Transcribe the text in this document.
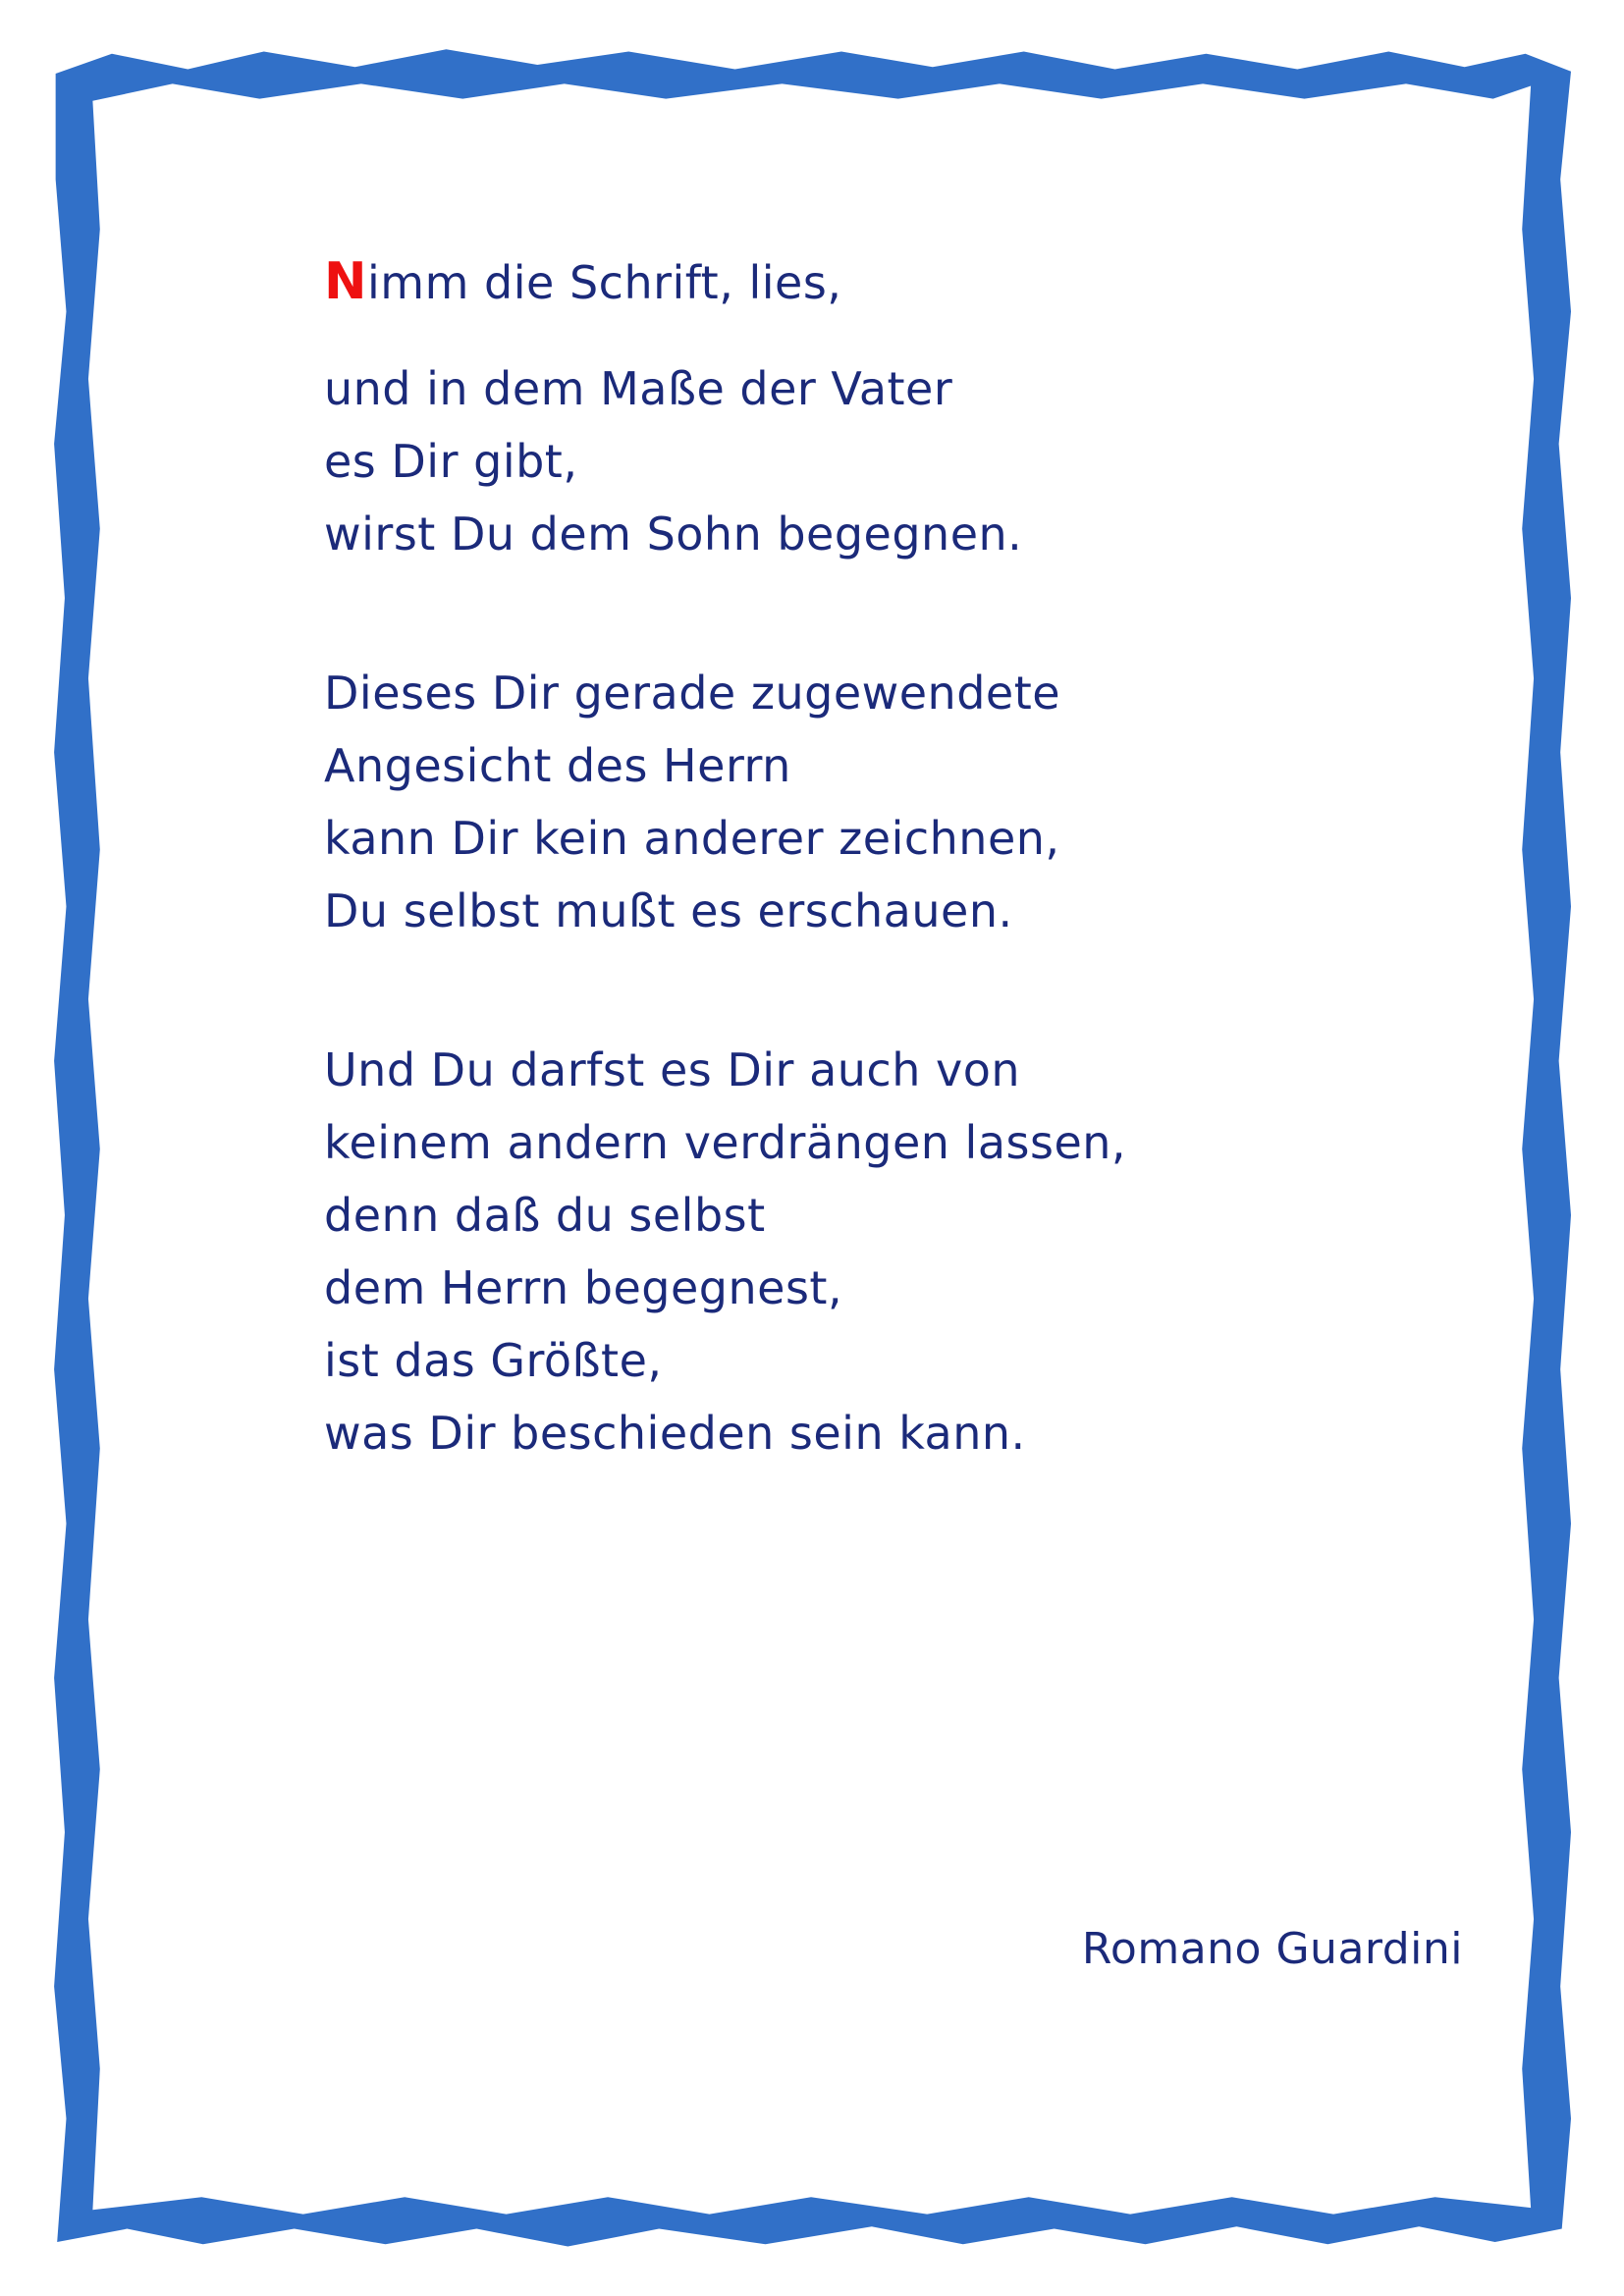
Nimm die Schrift, lies,
und in dem Maße der Vater
es Dir gibt,
wirst Du dem Sohn begegnen.
Dieses Dir gerade zugewendete
Angesicht des Herrn
kann Dir kein anderer zeichnen,
Du selbst mußt es erschauen.
Und Du darfst es Dir auch von
keinem andern verdrängen lassen,
denn daß du selbst
dem Herrn begegnest,
ist das Größte,
was Dir beschieden sein kann.
Romano Guardini
